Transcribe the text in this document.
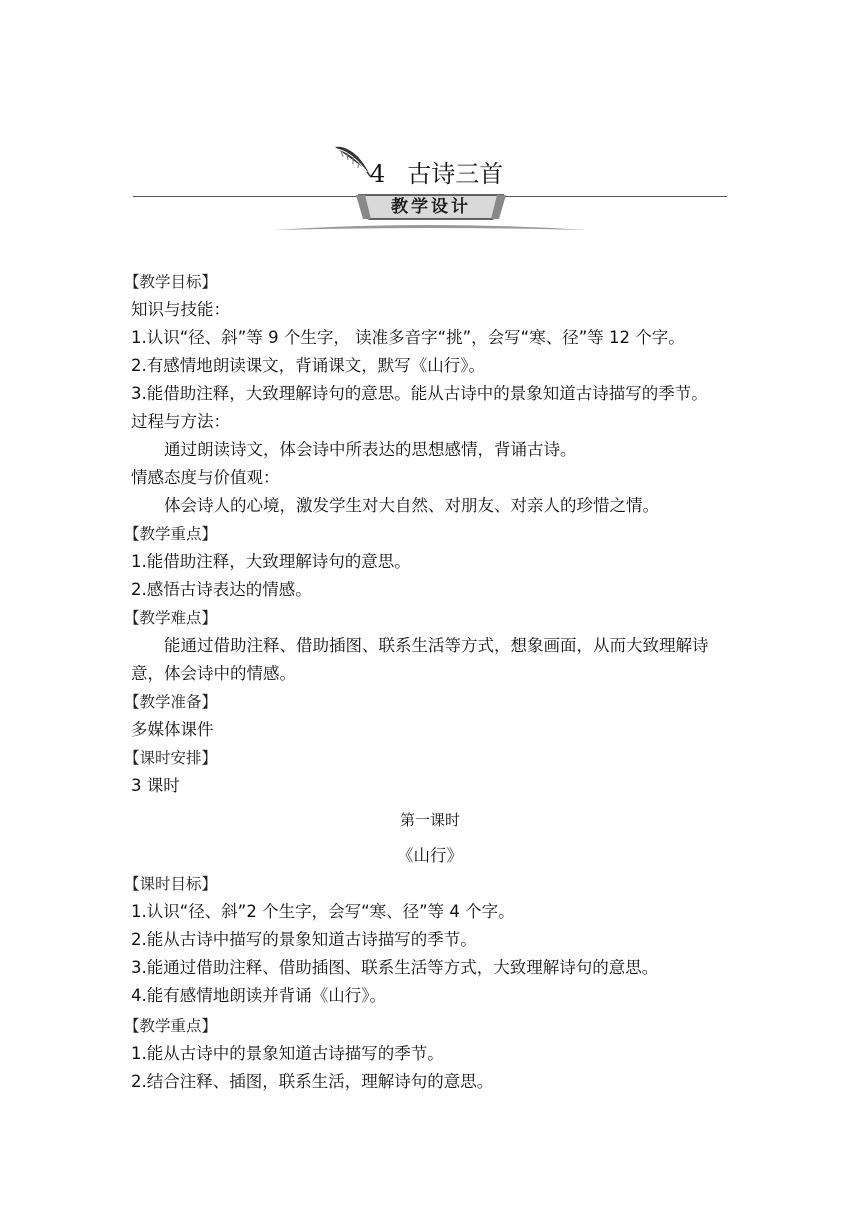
4 古诗三首
教学设计
【教学目标】
知识与技能：
1.认识“径、斜”等 9 个生字， 读准多音字“挑”，会写“寒、径”等 12 个字。
2.有感情地朗读课文，背诵课文，默写《山行》。
3.能借助注释，大致理解诗句的意思。能从古诗中的景象知道古诗描写的季节。
过程与方法：
通过朗读诗文，体会诗中所表达的思想感情，背诵古诗。
情感态度与价值观：
体会诗人的心境，激发学生对大自然、对朋友、对亲人的珍惜之情。
【教学重点】
1.能借助注释，大致理解诗句的意思。
2.感悟古诗表达的情感。
【教学难点】
能通过借助注释、借助插图、联系生活等方式，想象画面，从而大致理解诗
意，体会诗中的情感。
【教学准备】
多媒体课件
【课时安排】
3 课时
第一课时
《山行》
【课时目标】
1.认识“径、斜”2 个生字，会写“寒、径”等 4 个字。
2.能从古诗中描写的景象知道古诗描写的季节。
3.能通过借助注释、借助插图、联系生活等方式，大致理解诗句的意思。
4.能有感情地朗读并背诵《山行》。
【教学重点】
1.能从古诗中的景象知道古诗描写的季节。
2.结合注释、插图，联系生活，理解诗句的意思。
